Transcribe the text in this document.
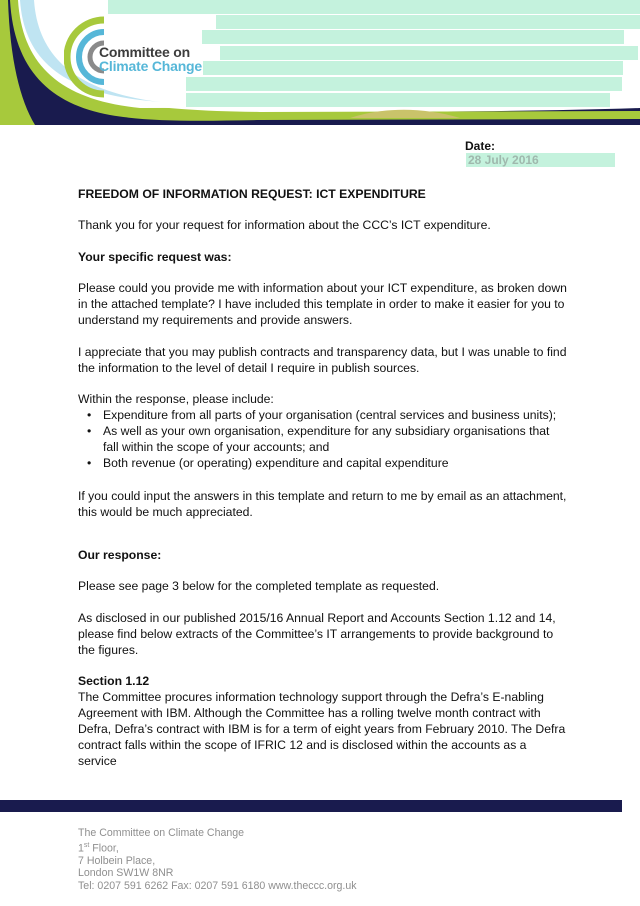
Committee on
Climate Change
Date: 28 July 2016

FREEDOM OF INFORMATION REQUEST: ICT EXPENDITURE

Thank you for your request for information about the CCC’s ICT expenditure.

Your specific request was:

Please could you provide me with information about your ICT expenditure, as broken down in the attached template? I have included this template in order to make it easier for you to understand my requirements and provide answers.

I appreciate that you may publish contracts and transparency data, but I was unable to find the information to the level of detail I require in publish sources.

Within the response, please include:

• Expenditure from all parts of your organisation (central services and business units);
• As well as your own organisation, expenditure for any subsidiary organisations that fall within the scope of your accounts; and
• Both revenue (or operating) expenditure and capital expenditure

If you could input the answers in this template and return to me by email as an attachment, this would be much appreciated.

Our response:

Please see page 3 below for the completed template as requested.

As disclosed in our published 2015/16 Annual Report and Accounts Section 1.12 and 14, please find below extracts of the Committee’s IT arrangements to provide background to the figures.

Section 1.12

The Committee procures information technology support through the Defra’s E-nabling Agreement with IBM. Although the Committee has a rolling twelve month contract with Defra, Defra’s contract with IBM is for a term of eight years from February 2010. The Defra contract falls within the scope of IFRIC 12 and is disclosed within the accounts as a service

The Committee on Climate Change
1st Floor,
7 Holbein Place,
London SW1W 8NR
Tel: 0207 591 6262 Fax: 0207 591 6180 www.theccc.org.uk
